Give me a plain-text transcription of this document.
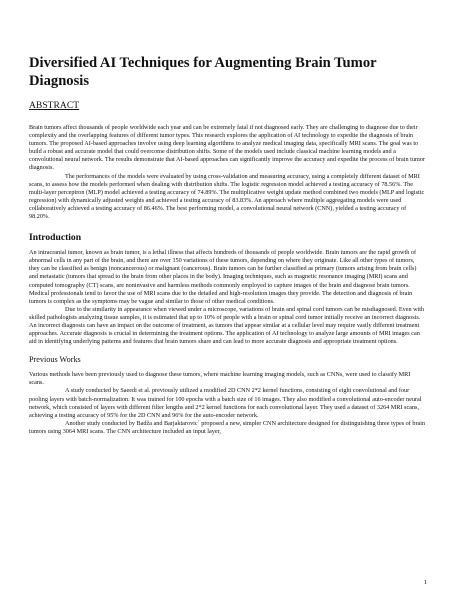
Diversified AI Techniques for Augmenting Brain Tumor Diagnosis
ABSTRACT

Brain tumors affect thousands of people worldwide each year and can be extremely fatal if not diagnosed early. They are challenging to diagnose due to their complexity and the overlapping features of different tumor types. This research explores the application of AI technology to expedite the diagnosis of brain tumors. The proposed AI-based approaches involve using deep learning algorithms to analyze medical imaging data, specifically MRI scans. The goal was to build a robust and accurate model that could overcome distribution shifts. Some of the models used include classical machine learning models and a convolutional neural network. The results demonstrate that AI-based approaches can significantly improve the accuracy and expedite the process of brain tumor diagnosis.

The performances of the models were evaluated by using cross-validation and measuring accuracy, using a completely different dataset of MRI scans, to assess how the models performed when dealing with distribution shifts. The logistic regression model achieved a testing accuracy of 78.56%. The multi-layer perceptron (MLP) model achieved a testing accuracy of 74.89%. The multiplicative weight update method combined two models (MLP and logistic regression) with dynamically adjusted weights and achieved a testing accuracy of 83.83%. An approach where multiple aggregating models were used collaboratively achieved a testing accuracy of 86.46%. The best performing model, a convolutional neural network (CNN), yielded a testing accuracy of 98.20%.

Introduction

An intracranial tumor, known as brain tumor, is a lethal illness that affects hundreds of thousands of people worldwide. Brain tumors are the rapid growth of abnormal cells in any part of the brain, and there are over 150 variations of these tumors, depending on where they originate. Like all other types of tumors, they can be classified as benign (noncancerous) or malignant (cancerous). Brain tumors can be further classified as primary (tumors arising from brain cells) and metastatic (tumors that spread to the brain from other places in the body). Imaging techniques, such as magnetic resonance imaging (MRI) scans and computed tomography (CT) scans, are noninvasive and harmless methods commonly employed to capture images of the brain and diagnose brain tumors. Medical professionals tend to favor the use of MRI scans due to the detailed and high-resolution images they provide. The detection and diagnosis of brain tumors is complex as the symptoms may be vague and similar to those of other medical conditions.

Due to the similarity in appearance when viewed under a microscope, variations of brain and spinal cord tumors can be misdiagnosed. Even with skilled pathologists analyzing tissue samples, it is estimated that up to 10% of people with a brain or spinal cord tumor initially receive an incorrect diagnosis. An incorrect diagnosis can have an impact on the outcome of treatment, as tumors that appear similar at a cellular level may require vastly different treatment approaches. Accurate diagnosis is crucial in determining the treatment options. The application of AI technology to analyze large amounts of MRI images can aid in identifying underlying patterns and features that brain tumors share and can lead to more accurate diagnosis and appropriate treatment options.

Previous Works

Various methods have been previously used to diagnose these tumors, where machine learning imaging models, such as CNNs, were used to classify MRI scans.

A study conducted by Saeedi et al. previously utilized a modified 2D CNN 2*2 kernel functions, consisting of eight convolutional and four pooling layers with batch-normalization. It was trained for 100 epochs with a batch size of 16 images. They also modified a convolutional auto-encoder neural network, which consisted of layers with different filter lengths and 2*2 kernel functions for each convolutional layer. They used a dataset of 3264 MRI scans, achieving a testing accuracy of 95% for the 2D CNN and 96% for the auto-encoder network.

Another study conducted by Badža and Barjaktarovic´ proposed a new, simpler CNN architecture designed for distinguishing three types of brain tumors using 3064 MRI scans. The CNN architecture included an input layer,

1
